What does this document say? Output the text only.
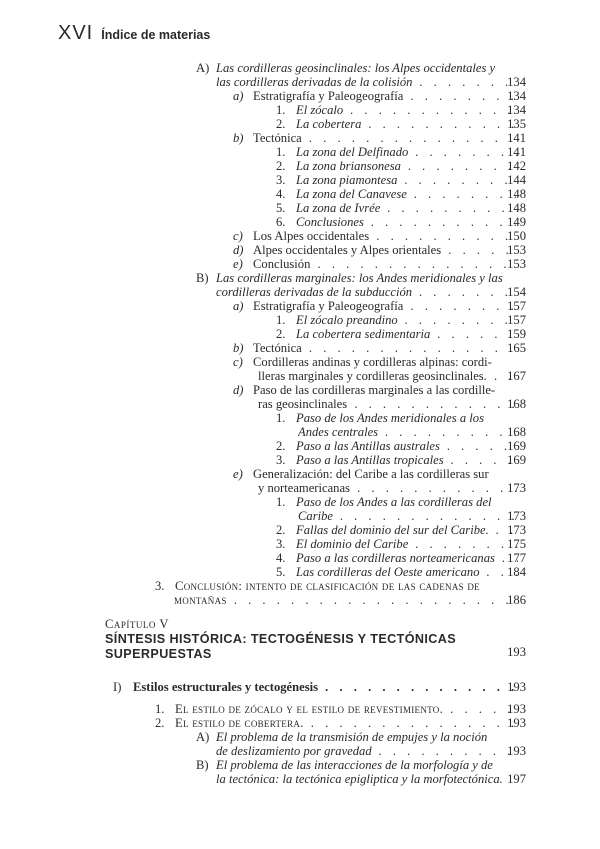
XVI Índice de materias
A) Las cordilleras geosinclinales: los Alpes occidentales y
las cordilleras derivadas de la colisión . . .	134
a) Estratigrafía y Paleogeografía . . .	134
1. El zócalo . . .	134
2. La cobertera . . .	135
b) Tectónica . . .	141
1. La zona del Delfinado . . .	141
2. La zona briansonesa . . .	142
3. La zona piamontesa . . .	144
4. La zona del Canavese . . .	148
5. La zona de Ivrée . . .	148
6. Conclusiones . . .	149
c) Los Alpes occidentales . . .	150
d) Alpes occidentales y Alpes orientales . . .	153
e) Conclusión . . .	153
B) Las cordilleras marginales: los Andes meridionales y las
cordilleras derivadas de la subducción . . .	154
a) Estratigrafía y Paleogeografía . . .	157
1. El zócalo preandino . . .	157
2. La cobertera sedimentaria . . .	159
b) Tectónica . . .	165
c) Cordilleras andinas y cordilleras alpinas: cordi-
lleras marginales y cordilleras geosinclinales. . . .	167
d) Paso de las cordilleras marginales a las cordille-
ras geosinclinales . . .	168
1. Paso de los Andes meridionales a los
Andes centrales . . .	168
2. Paso a las Antillas australes . . .	169
3. Paso a las Antillas tropicales . . .	169
e) Generalización: del Caribe a las cordilleras sur
y norteamericanas . . .	173
1. Paso de los Andes a las cordilleras del
Caribe . . .	173
2. Fallas del dominio del sur del Caribe. . . .	173
3. El dominio del Caribe . . .	175
4. Paso a las cordilleras norteamericanas . . . 177
5. Las cordilleras del Oeste americano . . .	184
3. Conclusión: intento de clasificación de las cadenas de
montañas . . .	186
I) Estilos estructurales y tectogénesis . . .	193
1. El estilo de zócalo y el estilo de revestimiento. . . .	193
2. El estilo de cobertera. . . .	193
A) El problema de la transmisión de empujes y la noción
de deslizamiento por gravedad . . .	193
B) El problema de las interacciones de la morfología y de
la tectónica: la tectónica epigliptica y la morfotectónica. 197
Capítulo V
SÍNTESIS HISTÓRICA: TECTOGÉNESIS Y TECTÓNICAS SUPERPUESTAS	193
